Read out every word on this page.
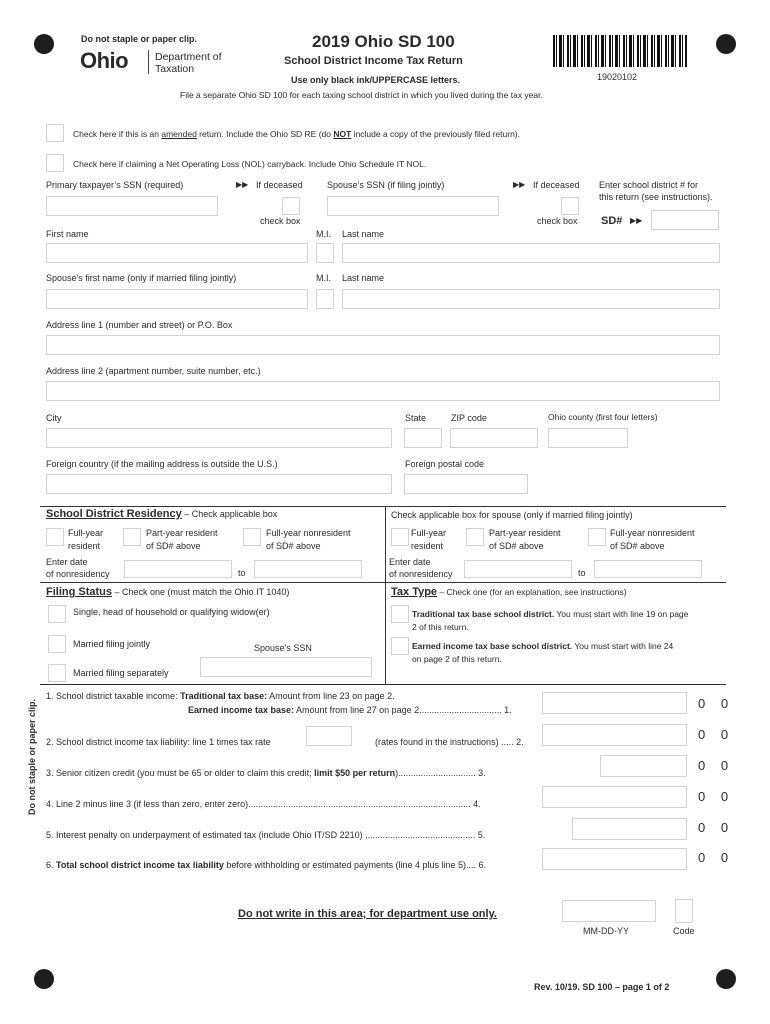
Do not staple or paper clip.
Ohio	Department of
Taxation
2019 Ohio SD 100
School District Income Tax Return
Use only black ink/UPPERCASE letters.
File a separate Ohio SD 100 for each taxing school district in which you lived during the tax year.
19020102
Check here if this is an amended return. Include the Ohio SD RE (do NOT include a copy of the previously filed return).
Check here if claiming a Net Operating Loss (NOL) carryback. Include Ohio Schedule IT NOL.
Primary taxpayer’s SSN (required)	▶▶ If deceased	Spouse’s SSN (if filing jointly)	▶▶ If deceased Enter school district # for
this return (see instructions).
check box	check box SD# ▶▶
First name	M.I. Last name
Spouse's first name (only if married filing jointly)	M.I. Last name
Address line 1 (number and street) or P.O. Box
Address line 2 (apartment number, suite number, etc.)
City	State	ZIP code	Ohio county (first four letters)
Foreign country (if the mailing address is outside the U.S.)	Foreign postal code
School District Residency – Check applicable box	Check applicable box for spouse (only if married filing jointly)
Full-year
resident
Part-year resident
of SD# above
Full-year nonresident
of SD# above
Full-year
resident
Part-year resident
of SD# above
Full-year nonresident
of SD# above
Enter date
of nonresidency	to
Enter date
of nonresidency	to
Filing Status – Check one (must match the Ohio IT 1040)
Single, head of household or qualifying widow(er)
Married filing jointly	Spouse’s SSN
Married filing separately
Tax Type – Check one (for an explanation, see instructions)
Traditional tax base school district. You must start with line 19 on page
2 of this return.
Earned income tax base school district. You must start with line 24
on page 2 of this return.
Do not staple or paper clip.
1. School district taxable income: Traditional tax base: Amount from line 23 on page 2.
Earned income tax base: Amount from line 27 on page 2................................. 1.	0 0
2. School district income tax liability: line 1 times tax rate	(rates found in the instructions) ..... 2.	0 0
3. Senior citizen credit (you must be 65 or older to claim this credit; limit $50 per return)............................... 3.	0 0
4. Line 2 minus line 3 (if less than zero, enter zero)......................................................................................... 4.	0 0
5. Interest penalty on underpayment of estimated tax (include Ohio IT/SD 2210) ............................................ 5.	0 0
6. Total school district income tax liability before withholding or estimated payments (line 4 plus line 5).... 6.	0 0
Do not write in this area; for department use only.
MM-DD-YY	Code
Rev. 10/19. SD 100 – page 1 of 2
